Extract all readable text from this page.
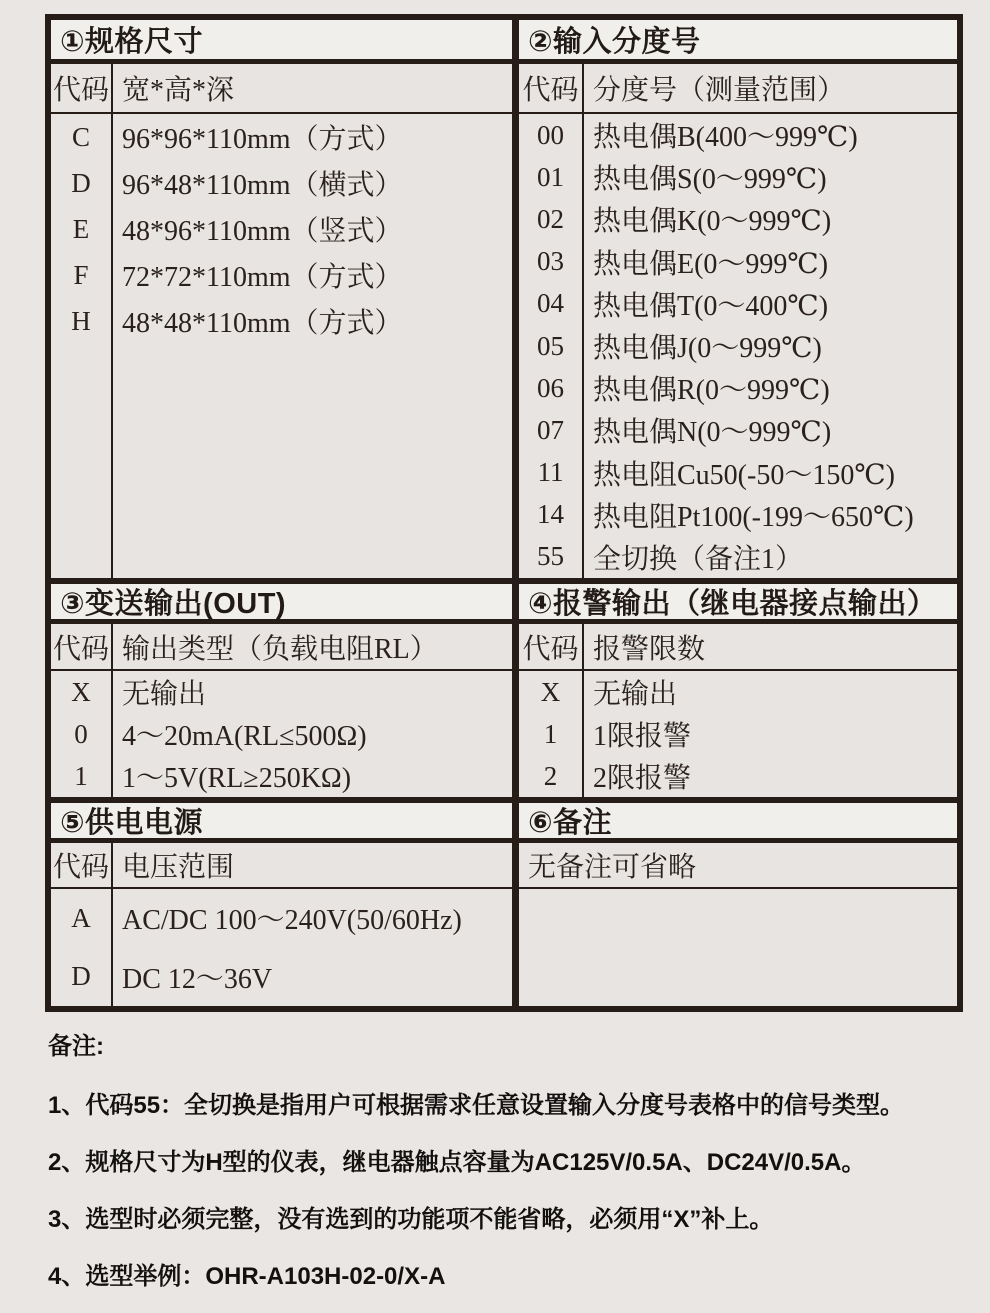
①规格尺寸	②输入分度号
代码 宽*高*深	代码 分度号（测量范围）
C	96*96*110mm（方式）
D	96*48*110mm（横式）
E	48*96*110mm（竖式）
F	72*72*110mm（方式）
H	48*48*110mm（方式）
00	热电偶B(400～999℃)
01	热电偶S(0～999℃)
02	热电偶K(0～999℃)
03	热电偶E(0～999℃)
04	热电偶T(0～400℃)
05	热电偶J(0～999℃)
06	热电偶R(0～999℃)
07	热电偶N(0～999℃)
11	热电阻Cu50(-50～150℃)
14	热电阻Pt100(-199～650℃)
55	全切换（备注1）
③变送输出(OUT)	④报警输出（继电器接点输出）
代码 输出类型（负载电阻RL）	代码 报警限数
X	无输出
0	4～20mA(RL≤500Ω)
1	1～5V(RL≥250KΩ)
X	无输出
1	1限报警
2	2限报警
⑤供电电源	⑥备注
代码 电压范围	无备注可省略
A	AC/DC 100～240V(50/60Hz)
D	DC 12～36V
备注:
1、代码55：全切换是指用户可根据需求任意设置输入分度号表格中的信号类型。
2、规格尺寸为H型的仪表，继电器触点容量为AC125V/0.5A、DC24V/0.5A。
3、选型时必须完整，没有选到的功能项不能省略，必须用“X”补上。
4、选型举例：OHR-A103H-02-0/X-A
